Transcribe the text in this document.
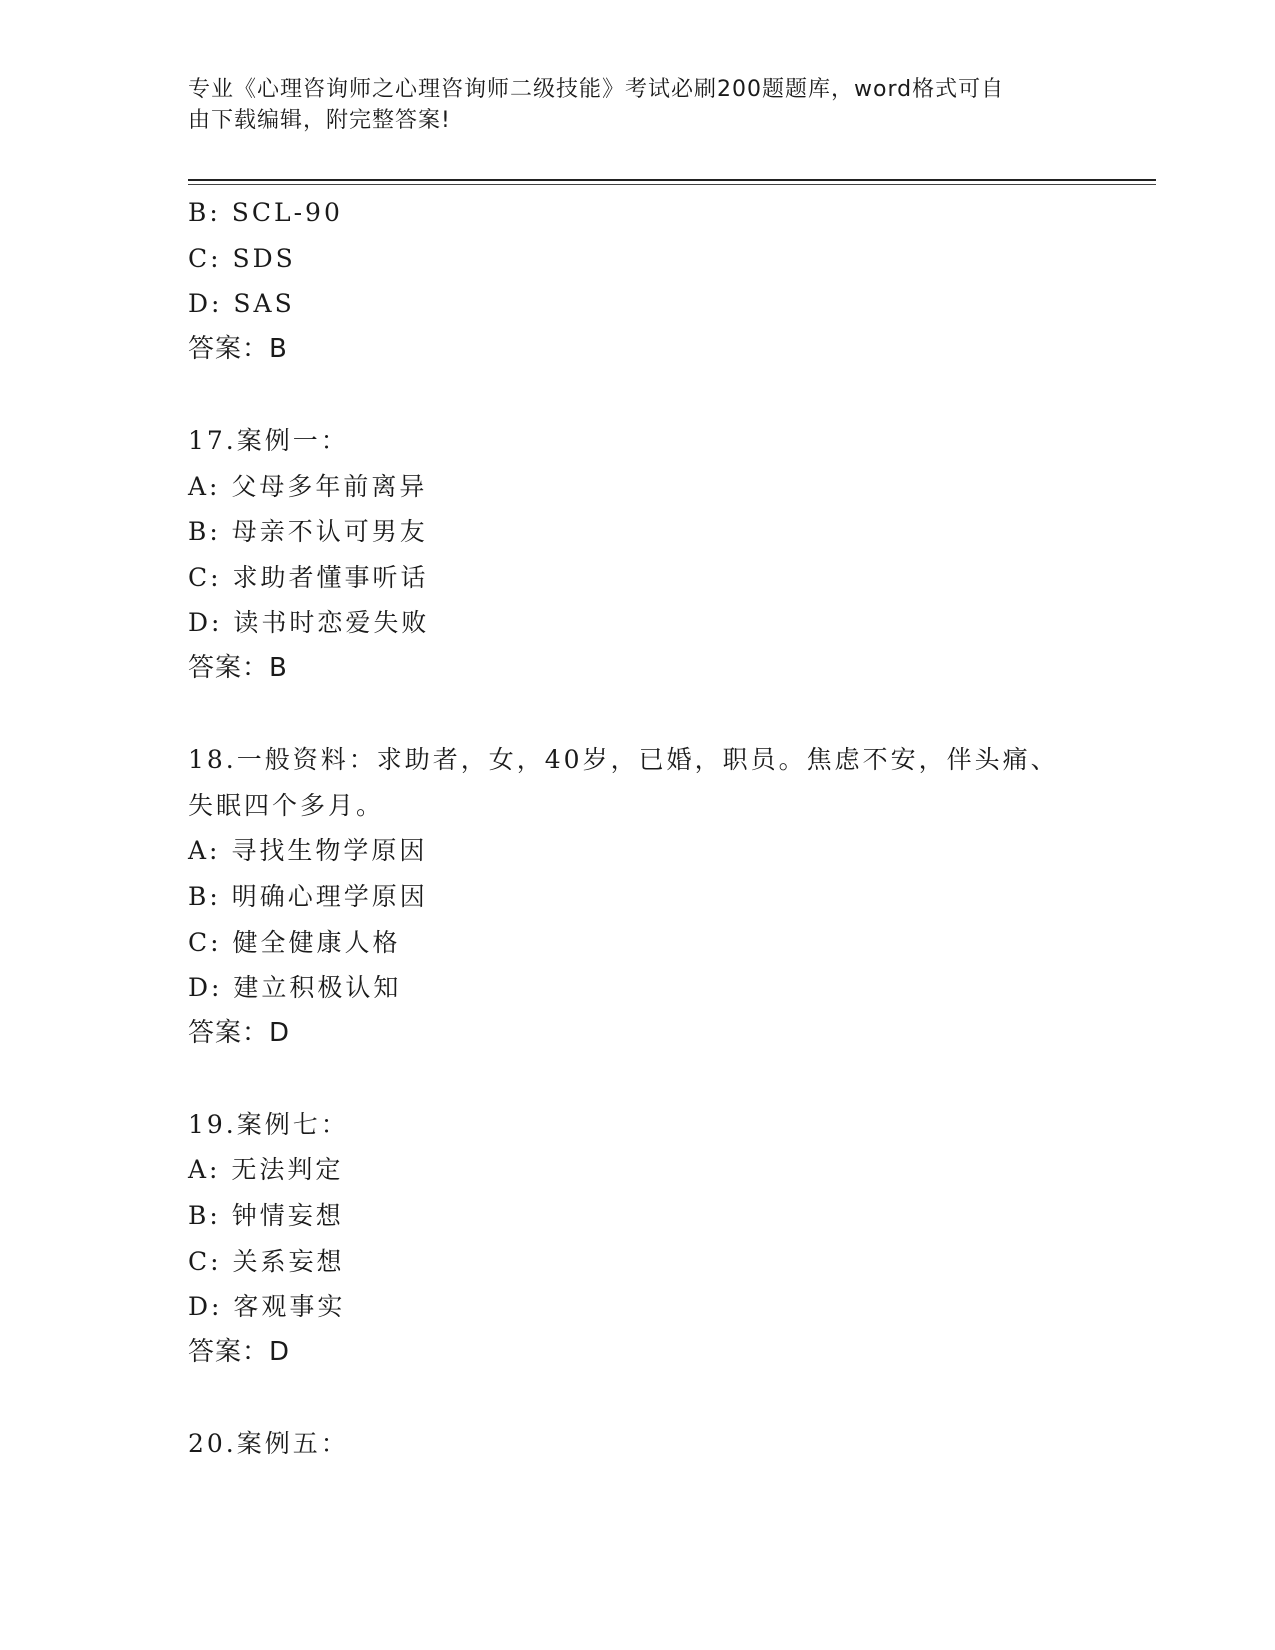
专业《心理咨询师之心理咨询师二级技能》考试必刷200题题库，word格式可自
由下载编辑，附完整答案!
B: SCL-90
C: SDS
D: SAS
答案：B
17.案例一：
A: 父母多年前离异
B: 母亲不认可男友
C: 求助者懂事听话
D: 读书时恋爱失败
答案：B
18.一般资料：求助者，女，40岁，已婚，职员。焦虑不安，伴头痛、
失眠四个多月。
A: 寻找生物学原因
B: 明确心理学原因
C: 健全健康人格
D: 建立积极认知
答案：D
19.案例七：
A: 无法判定
B: 钟情妄想
C: 关系妄想
D: 客观事实
答案：D
20.案例五：
